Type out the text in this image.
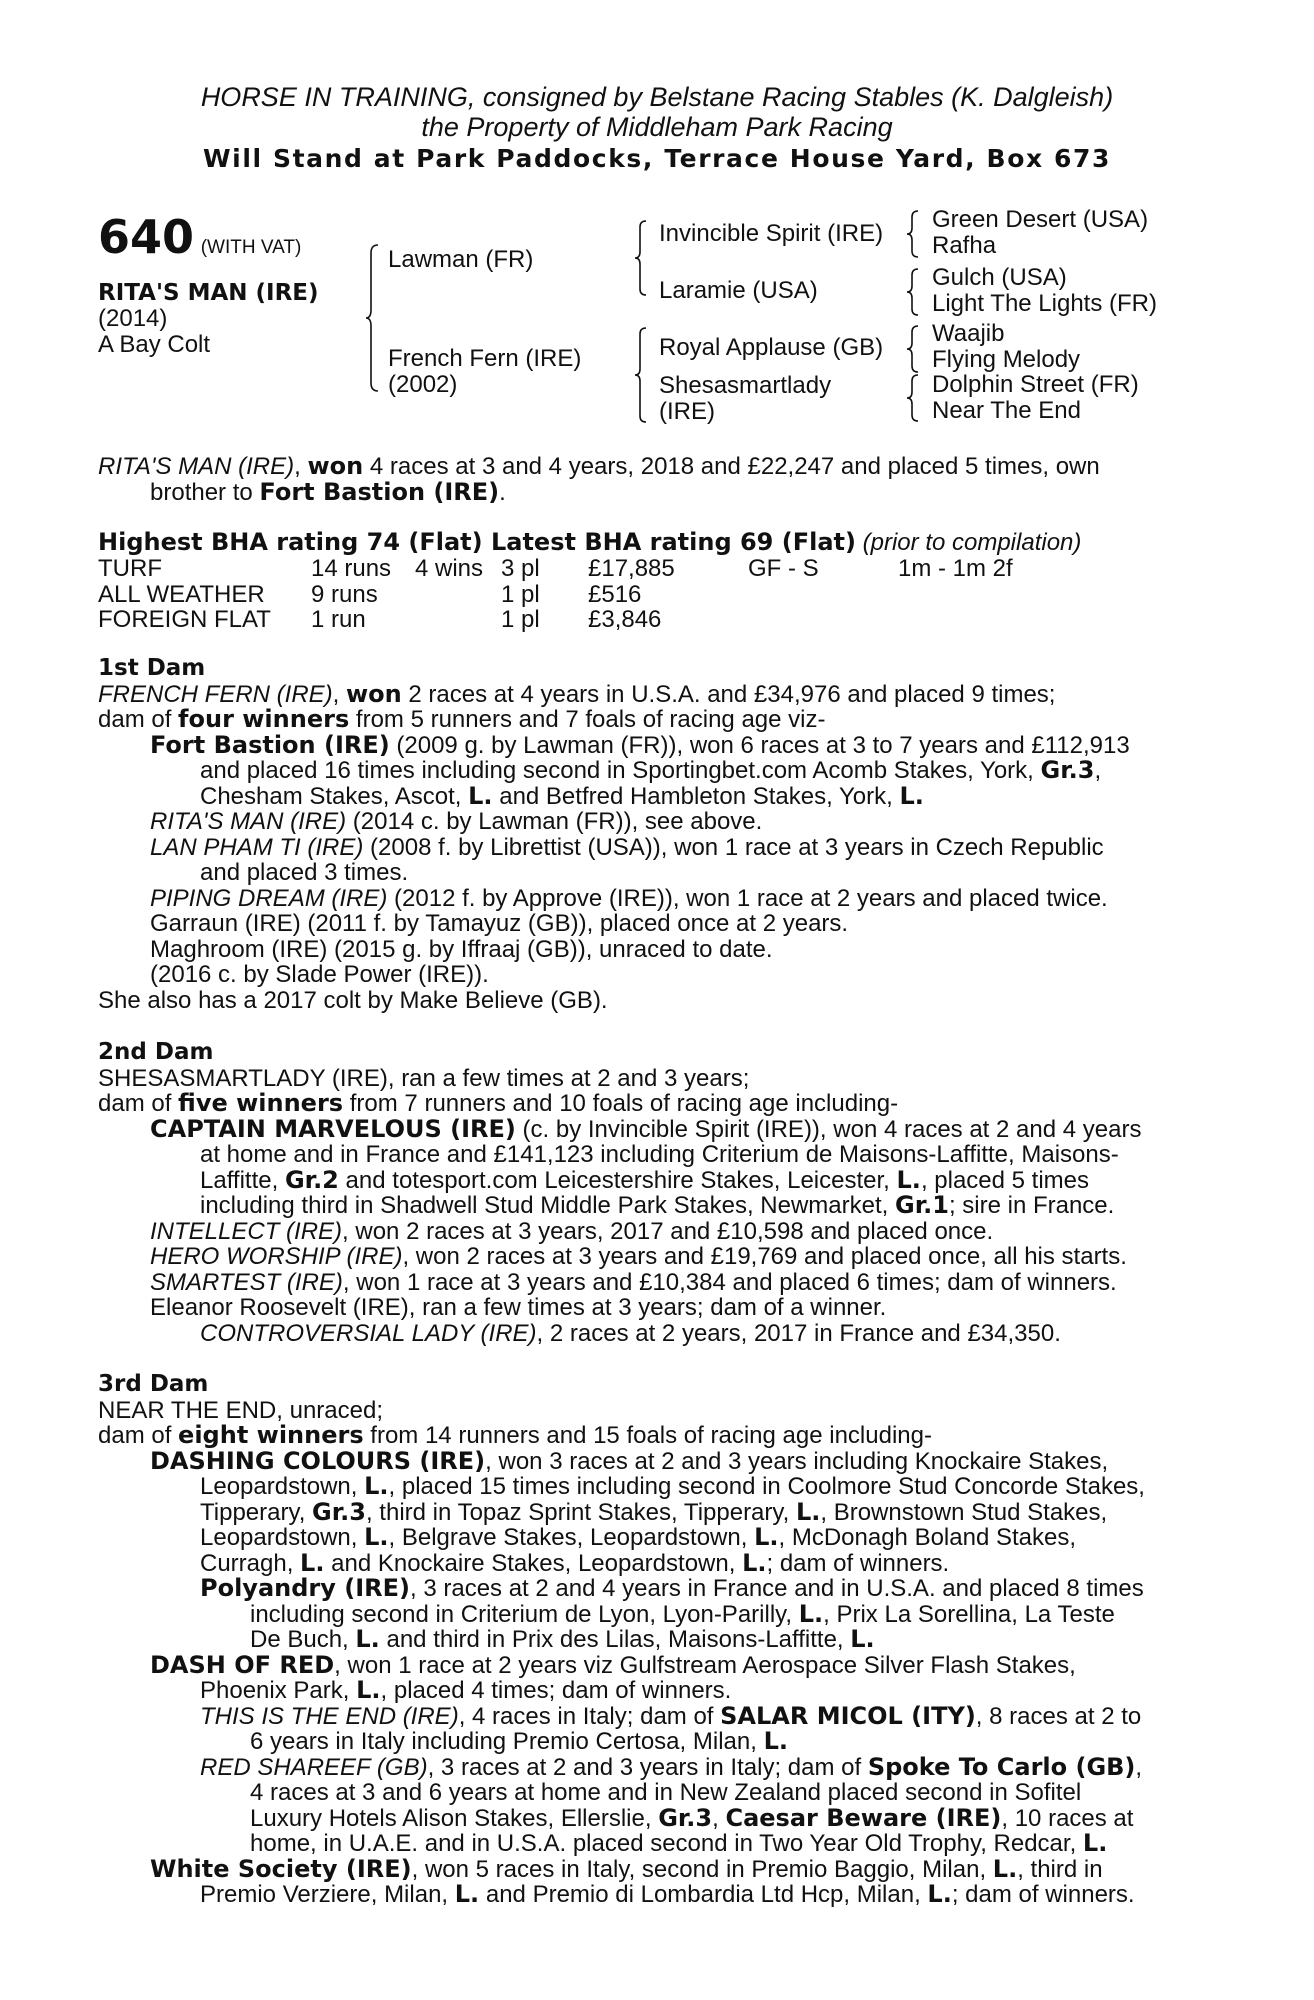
HORSE IN TRAINING, consigned by Belstane Racing Stables (K. Dalgleish)
the Property of Middleham Park Racing
Will Stand at Park Paddocks, Terrace House Yard, Box 673
640 (WITH VAT)
RITA'S MAN (IRE)
(2014)
A Bay Colt
Lawman (FR)
French Fern (IRE)
(2002)
Invincible Spirit (IRE)
Laramie (USA)
Royal Applause (GB)
Shesasmartlady
(IRE)
Green Desert (USA)
Rafha
Gulch (USA)
Light The Lights (FR)
Waajib
Flying Melody
Dolphin Street (FR)
Near The End
RITA'S MAN (IRE), won 4 races at 3 and 4 years, 2018 and £22,247 and placed 5 times, own
brother to Fort Bastion (IRE).
Highest BHA rating 74 (Flat) Latest BHA rating 69 (Flat) (prior to compilation)
TURF	14 runs 4 wins 3 pl £17,885	GF - S	1m - 1m 2f
ALL WEATHER 9 runs	1 pl £516
FOREIGN FLAT 1 run	1 pl £3,846
1st Dam
FRENCH FERN (IRE), won 2 races at 4 years in U.S.A. and £34,976 and placed 9 times;
dam of four winners from 5 runners and 7 foals of racing age viz-
Fort Bastion (IRE) (2009 g. by Lawman (FR)), won 6 races at 3 to 7 years and £112,913
and placed 16 times including second in Sportingbet.com Acomb Stakes, York, Gr.3,
Chesham Stakes, Ascot, L. and Betfred Hambleton Stakes, York, L.
RITA'S MAN (IRE) (2014 c. by Lawman (FR)), see above.
LAN PHAM TI (IRE) (2008 f. by Librettist (USA)), won 1 race at 3 years in Czech Republic
and placed 3 times.
PIPING DREAM (IRE) (2012 f. by Approve (IRE)), won 1 race at 2 years and placed twice.
Garraun (IRE) (2011 f. by Tamayuz (GB)), placed once at 2 years.
Maghroom (IRE) (2015 g. by Iffraaj (GB)), unraced to date.
(2016 c. by Slade Power (IRE)).
She also has a 2017 colt by Make Believe (GB).
2nd Dam
SHESASMARTLADY (IRE), ran a few times at 2 and 3 years;
dam of five winners from 7 runners and 10 foals of racing age including-
CAPTAIN MARVELOUS (IRE) (c. by Invincible Spirit (IRE)), won 4 races at 2 and 4 years
at home and in France and £141,123 including Criterium de Maisons-Laffitte, Maisons-
Laffitte, Gr.2 and totesport.com Leicestershire Stakes, Leicester, L., placed 5 times
including third in Shadwell Stud Middle Park Stakes, Newmarket, Gr.1; sire in France.
INTELLECT (IRE), won 2 races at 3 years, 2017 and £10,598 and placed once.
HERO WORSHIP (IRE), won 2 races at 3 years and £19,769 and placed once, all his starts.
SMARTEST (IRE), won 1 race at 3 years and £10,384 and placed 6 times; dam of winners.
Eleanor Roosevelt (IRE), ran a few times at 3 years; dam of a winner.
CONTROVERSIAL LADY (IRE), 2 races at 2 years, 2017 in France and £34,350.
3rd Dam
NEAR THE END, unraced;
dam of eight winners from 14 runners and 15 foals of racing age including-
DASHING COLOURS (IRE), won 3 races at 2 and 3 years including Knockaire Stakes,
Leopardstown, L., placed 15 times including second in Coolmore Stud Concorde Stakes,
Tipperary, Gr.3, third in Topaz Sprint Stakes, Tipperary, L., Brownstown Stud Stakes,
Leopardstown, L., Belgrave Stakes, Leopardstown, L., McDonagh Boland Stakes,
Curragh, L. and Knockaire Stakes, Leopardstown, L.; dam of winners.
Polyandry (IRE), 3 races at 2 and 4 years in France and in U.S.A. and placed 8 times
including second in Criterium de Lyon, Lyon-Parilly, L., Prix La Sorellina, La Teste
De Buch, L. and third in Prix des Lilas, Maisons-Laffitte, L.
DASH OF RED, won 1 race at 2 years viz Gulfstream Aerospace Silver Flash Stakes,
Phoenix Park, L., placed 4 times; dam of winners.
THIS IS THE END (IRE), 4 races in Italy; dam of SALAR MICOL (ITY), 8 races at 2 to
6 years in Italy including Premio Certosa, Milan, L.
RED SHAREEF (GB), 3 races at 2 and 3 years in Italy; dam of Spoke To Carlo (GB),
4 races at 3 and 6 years at home and in New Zealand placed second in Sofitel
Luxury Hotels Alison Stakes, Ellerslie, Gr.3, Caesar Beware (IRE), 10 races at
home, in U.A.E. and in U.S.A. placed second in Two Year Old Trophy, Redcar, L.
White Society (IRE), won 5 races in Italy, second in Premio Baggio, Milan, L., third in
Premio Verziere, Milan, L. and Premio di Lombardia Ltd Hcp, Milan, L.; dam of winners.
